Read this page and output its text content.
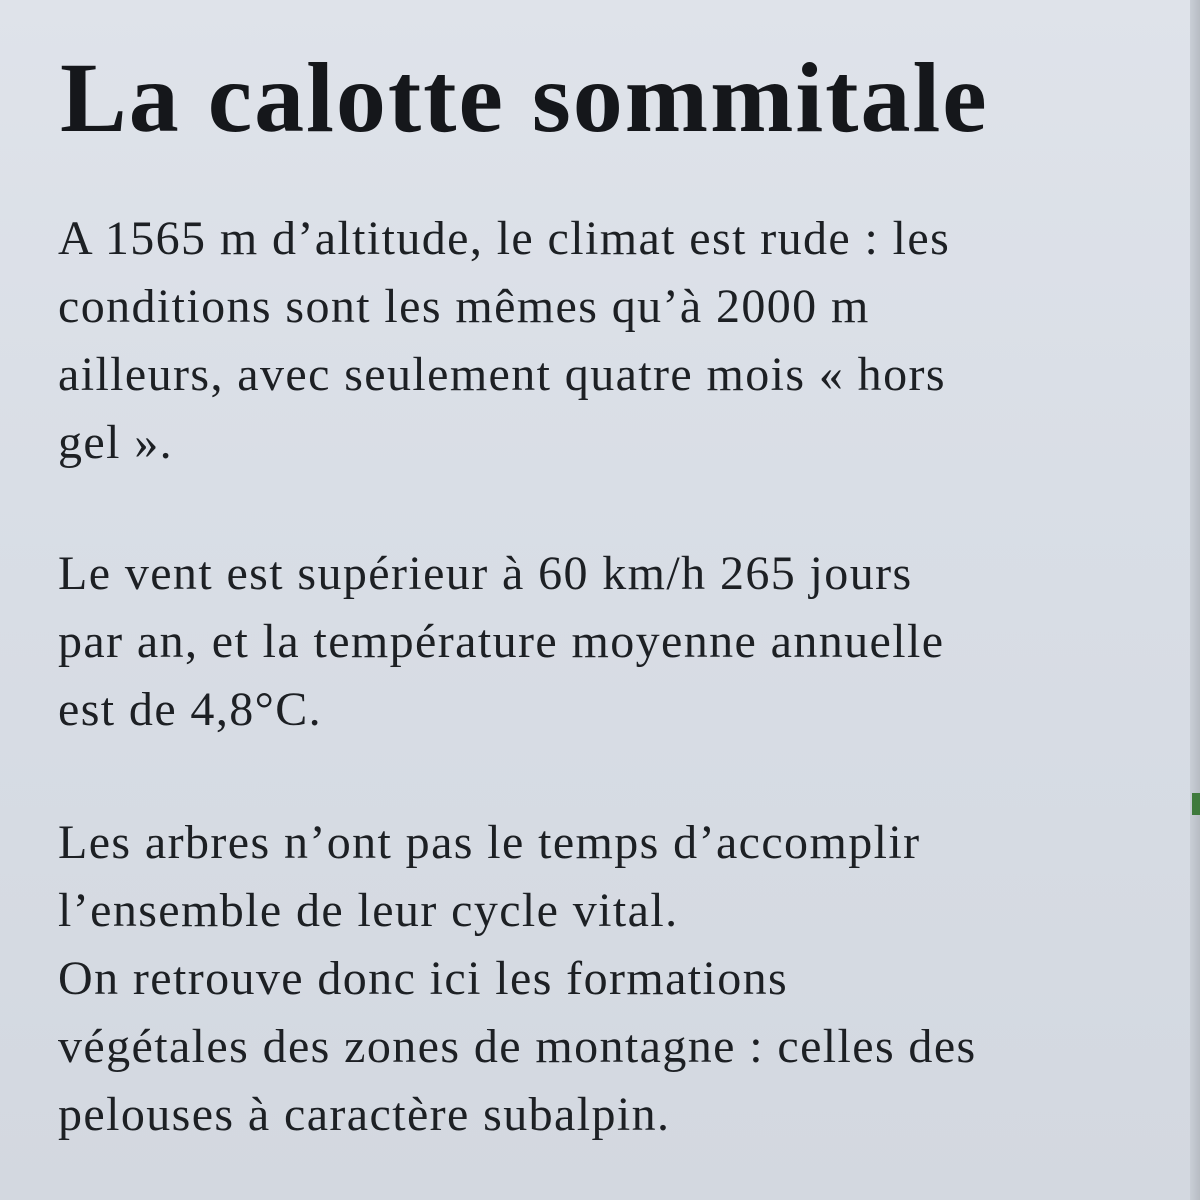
La calotte sommitale

A 1565 m d’altitude, le climat est rude : les
conditions sont les mêmes qu’à 2000 m
ailleurs, avec seulement quatre mois « hors
gel ».

Le vent est supérieur à 60 km/h 265 jours
par an, et la température moyenne annuelle
est de 4,8°C.

Les arbres n’ont pas le temps d’accomplir
l’ensemble de leur cycle vital.
On retrouve donc ici les formations
végétales des zones de montagne : celles des
pelouses à caractère subalpin.
